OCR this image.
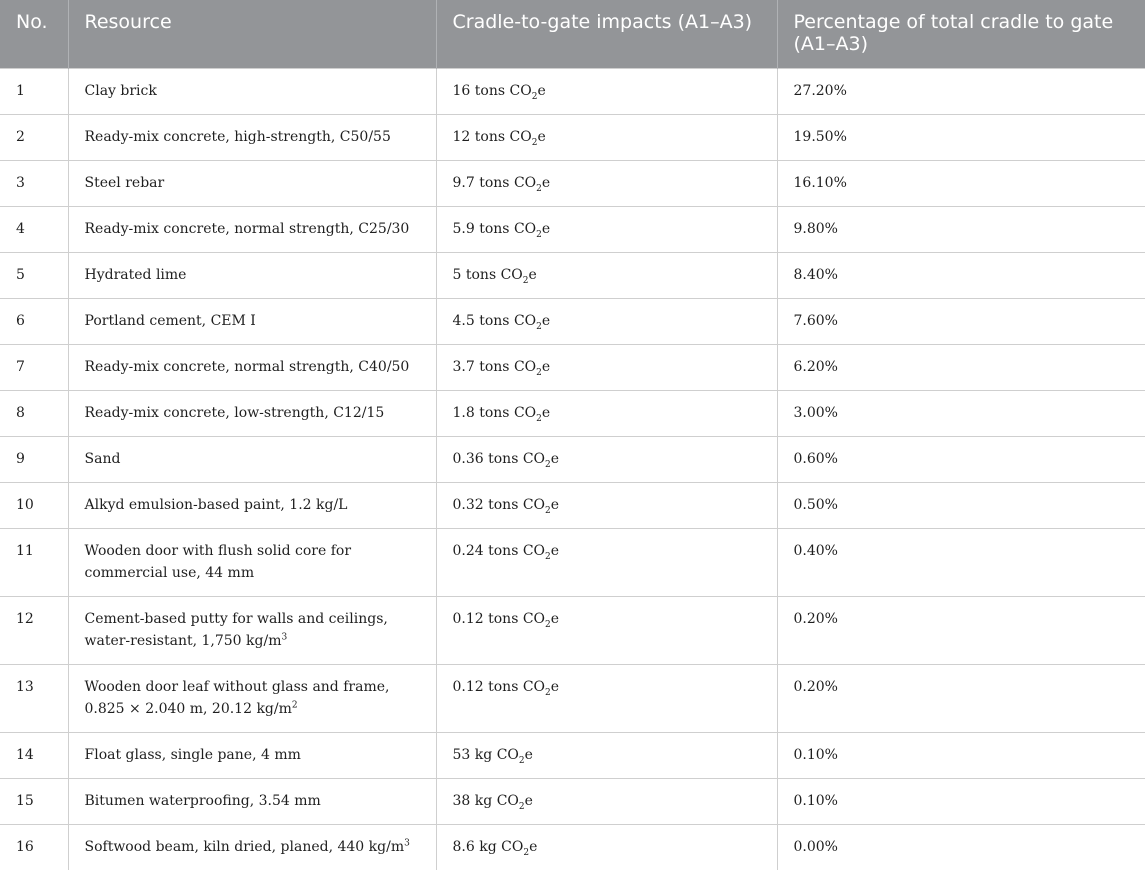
No.	Resource	Cradle-to-gate impacts (A1–A3)	Percentage of total cradle to gate (A1–A3)
1	Clay brick	16 tons $CO_2e$	27.20%
2	Ready-mix concrete, high-strength, C50/55	12 tons $CO_2e$	19.50%
3	Steel rebar	9.7 tons $CO_2e$	16.10%
4	Ready-mix concrete, normal strength, C25/30	5.9 tons $CO_2e$	9.80%
5	Hydrated lime	5 tons $CO_2e$	8.40%
6	Portland cement, CEM I	4.5 tons $CO_2e$	7.60%
7	Ready-mix concrete, normal strength, C40/50	3.7 tons $CO_2e$	6.20%
8	Ready-mix concrete, low-strength, C12/15	1.8 tons $CO_2e$	3.00%
9	Sand	0.36 tons $CO_2e$	0.60%
10	Alkyd emulsion-based paint, 1.2 kg/L	0.32 tons $CO_2e$	0.50%
11	Wooden door with flush solid core for commercial use, 44 mm	0.24 tons $CO_2e$	0.40%
12	Cement-based putty for walls and ceilings, water-resistant, 1,750 $kg/m^3$	0.12 tons $CO_2e$	0.20%
13	Wooden door leaf without glass and frame, 0.825 × 2.040 m, 20.12 $kg/m^2$	0.12 tons $CO_2e$	0.20%
14	Float glass, single pane, 4 mm	53 kg $CO_2e$	0.10%
15	Bitumen waterproofing, 3.54 mm	38 kg $CO_2e$	0.10%
16	Softwood beam, kiln dried, planed, 440 $kg/m^3$	8.6 kg $CO_2e$	0.00%
